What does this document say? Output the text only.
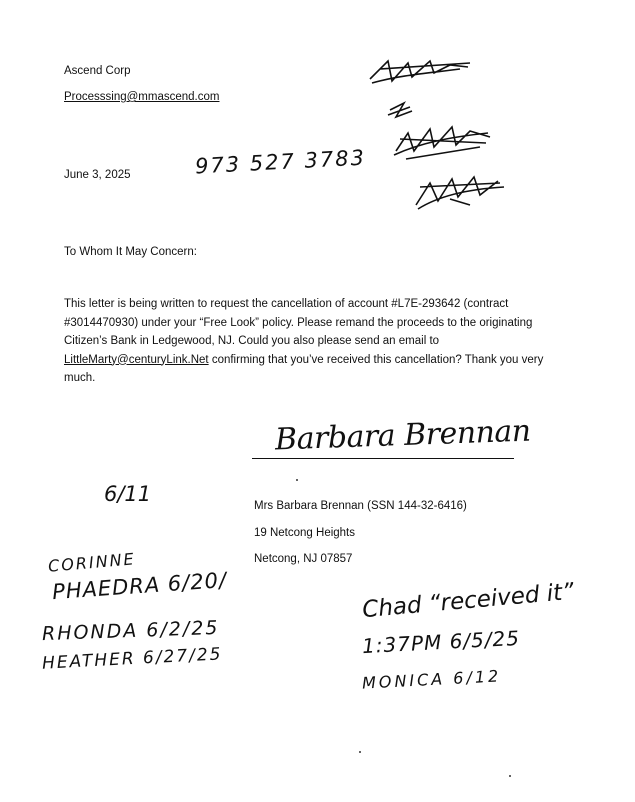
Ascend Corp
Processsing@mmascend.com
June 3, 2025	973 527 3783
To Whom It May Concern:
This letter is being written to request the cancellation of account #L7E-293642 (contract #3014470930) under your “Free Look” policy. Please remand the proceeds to the originating Citizen’s Bank in Ledgewood, NJ. Could you also please send an email to LittleMarty@centuryLink.Net confirming that you’ve received this cancellation? Thank you very much.
Barbara Brennan
6/11	Mrs Barbara Brennan (SSN 144-32-6416)
19 Netcong Heights
Netcong, NJ 07857
CORINNE
PHAEDRA 6/20/
RHONDA 6/2/25
HEATHER 6/27/25
Chad “received it”
1:37PM 6/5/25
MONICA 6/12
